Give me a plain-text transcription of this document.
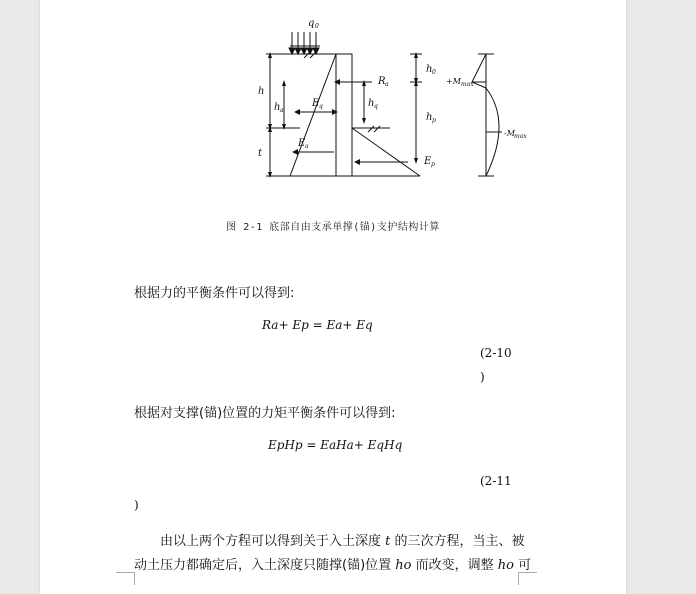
q 0
h
h a
t
E q
E a
R a
h q
h 0
h p
E p
+M max
-M max
图 2-1 底部自由支承单撑(锚)支护结构计算
根据力的平衡条件可以得到:
Ra+ Ep = Ea+ Eq
(2-10
)
根据对支撑(锚)位置的力矩平衡条件可以得到:
EpHp = EaHa+ EqHq
(2-11
)
由以上两个方程可以得到关于入土深度 t 的三次方程，当主、被
动土压力都确定后，入土深度只随撑(锚)位置 ho 而改变，调整 ho 可
